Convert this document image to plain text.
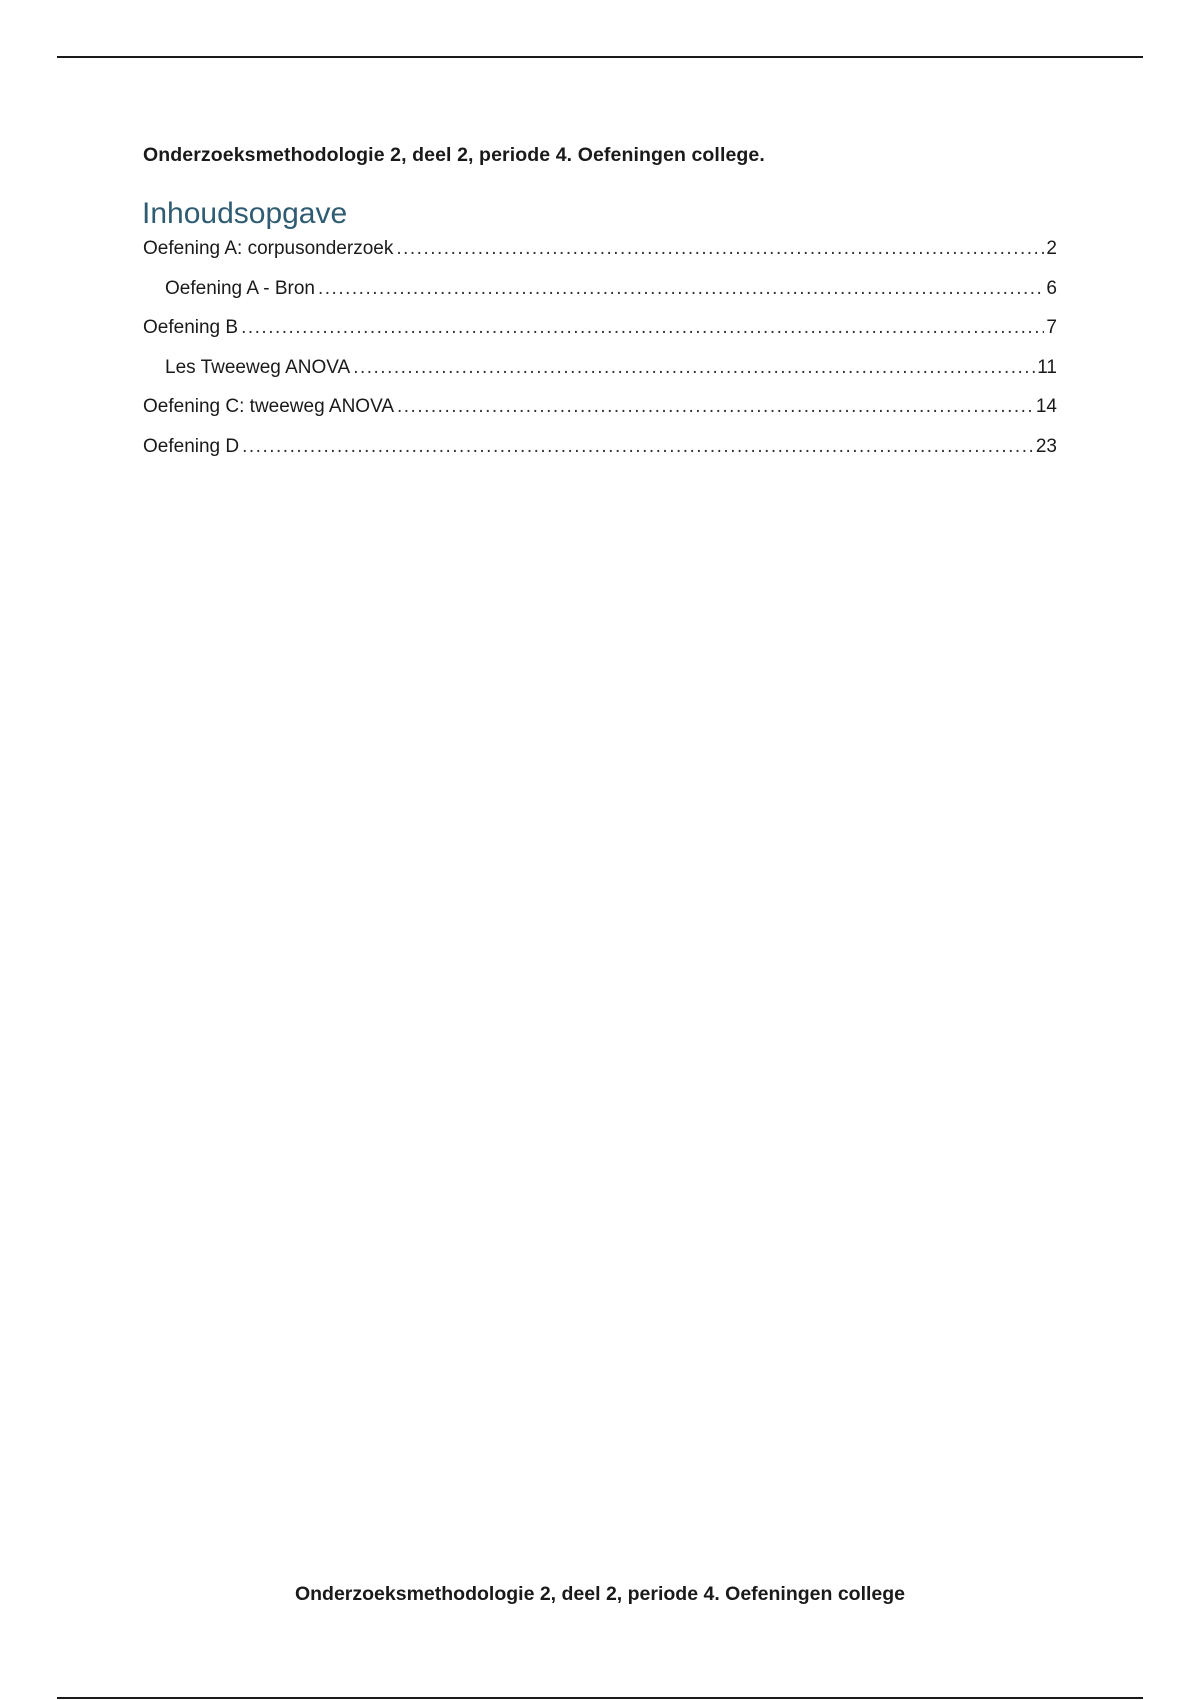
Onderzoeksmethodologie 2, deel 2, periode 4. Oefeningen college.
Inhoudsopgave
Oefening A: corpusonderzoek .....	2
Oefening A - Bron .....	6
Oefening B .....	7
Les Tweeweg ANOVA .....	11
Oefening C: tweeweg ANOVA .....	14
Oefening D .....	23
Onderzoeksmethodologie 2, deel 2, periode 4. Oefeningen college
